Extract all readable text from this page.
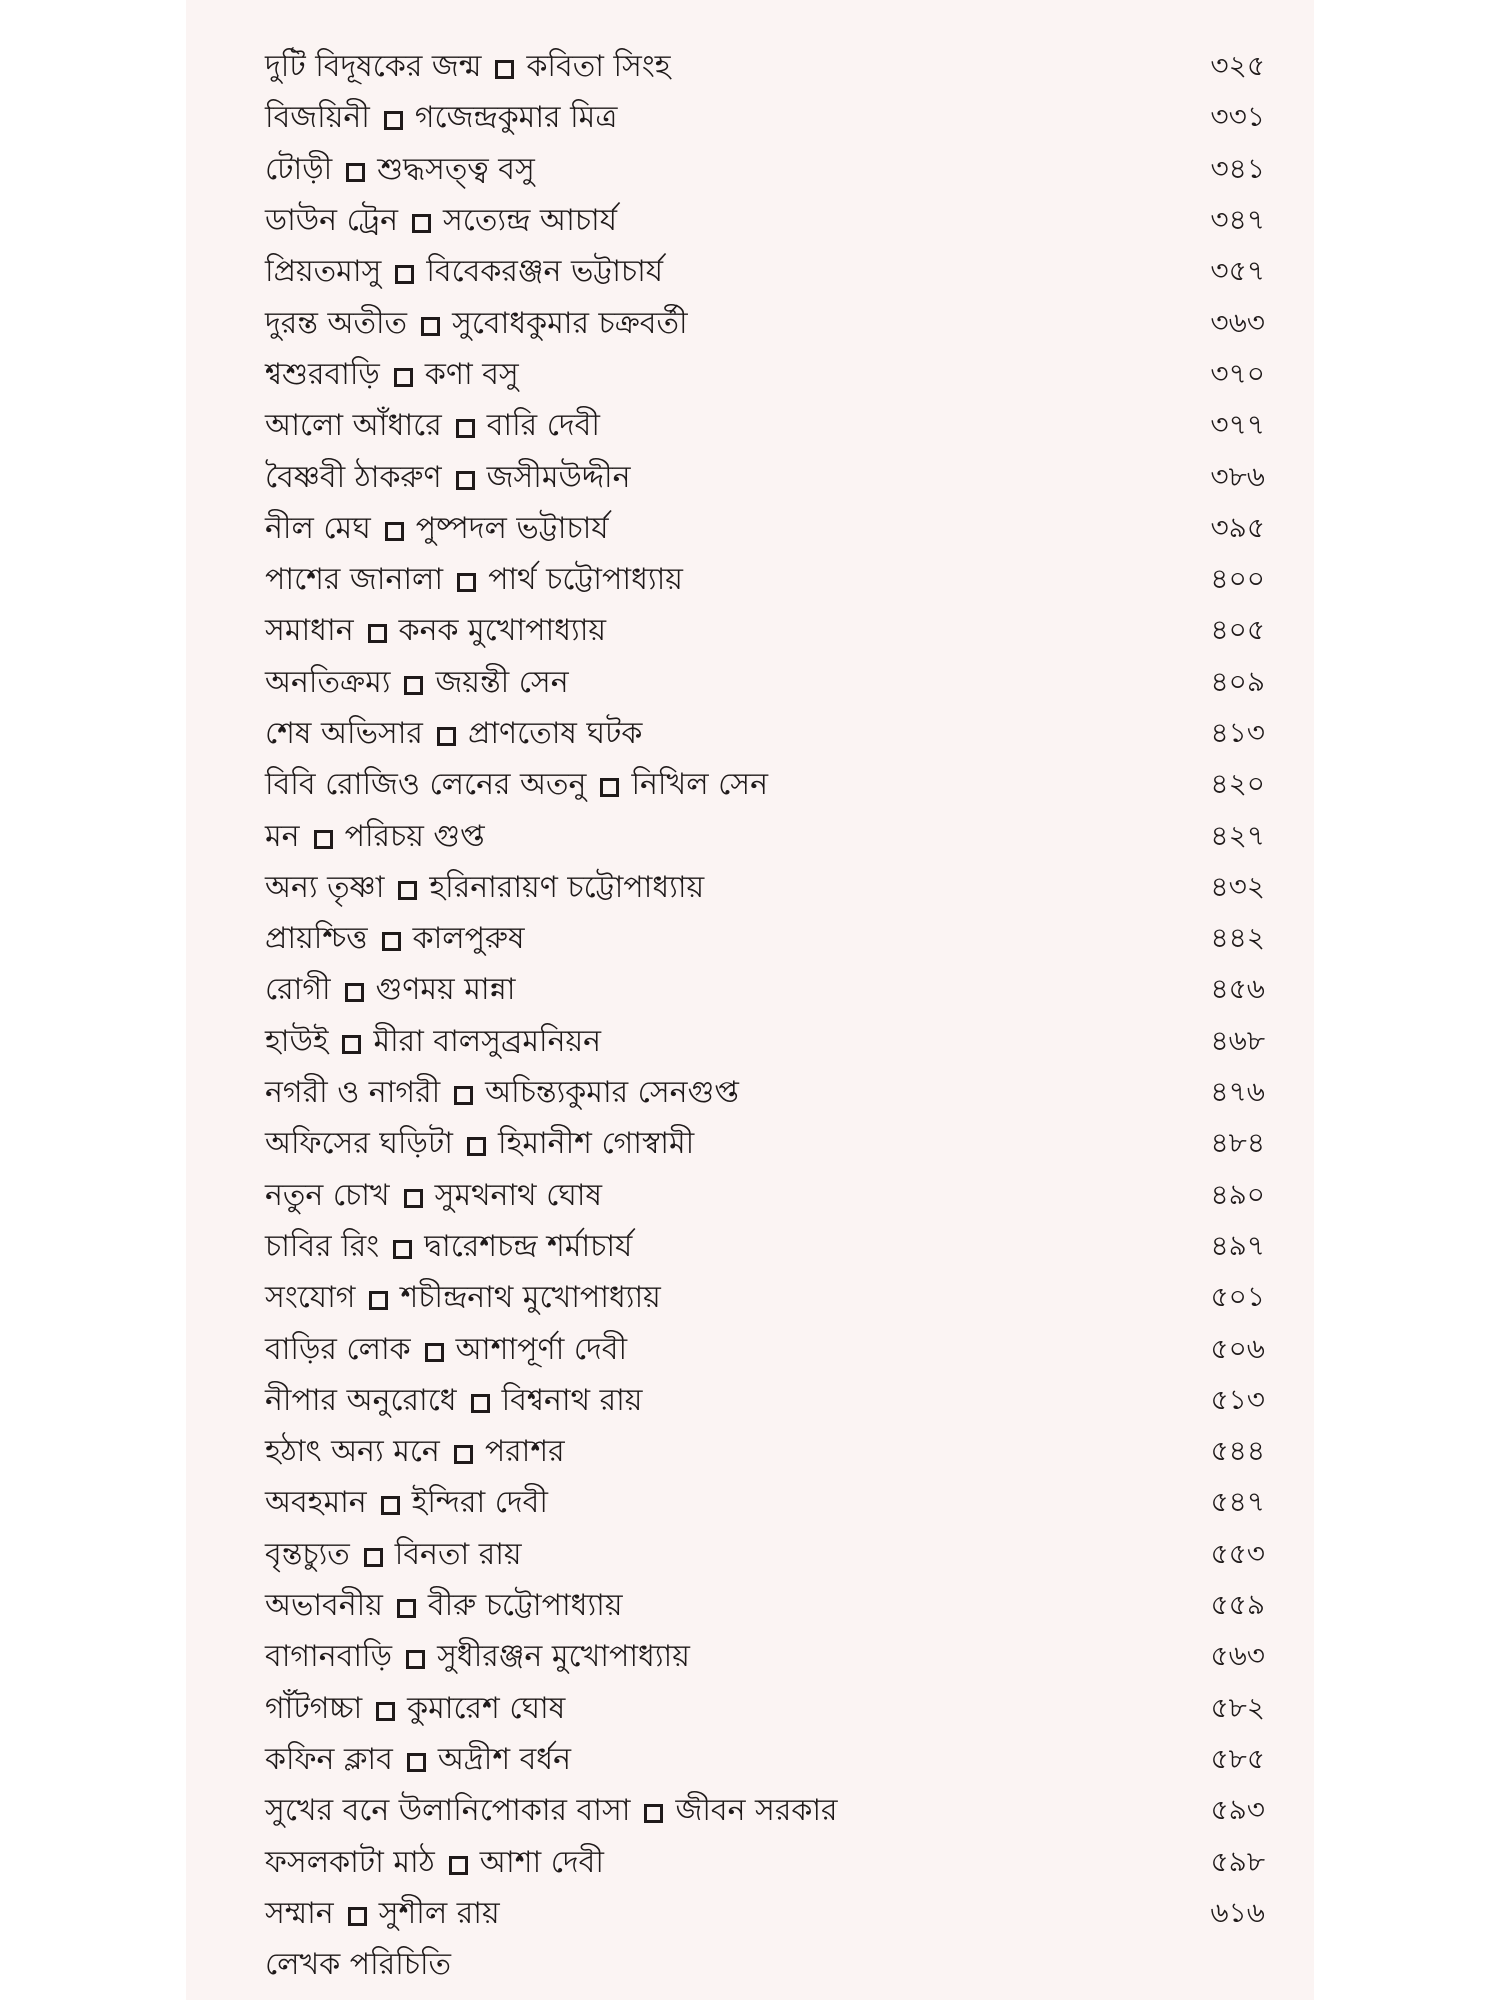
দুটি বিদূষকের জন্ম কবিতা সিংহ	৩২৫
বিজয়িনী গজেন্দ্রকুমার মিত্র	৩৩১
টোড়ী শুদ্ধসত্ত্ব বসু	৩৪১
ডাউন ট্রেন সত্যেন্দ্র আচার্য	৩৪৭
প্রিয়তমাসু বিবেকরঞ্জন ভট্টাচার্য	৩৫৭
দুরন্ত অতীত সুবোধকুমার চক্রবর্তী	৩৬৩
শ্বশুরবাড়ি কণা বসু	৩৭০
আলো আঁধারে বারি দেবী	৩৭৭
বৈষ্ণবী ঠাকরুণ জসীমউদ্দীন	৩৮৬
নীল মেঘ পুষ্পদল ভট্টাচার্য	৩৯৫
পাশের জানালা পার্থ চট্টোপাধ্যায়	৪০০
সমাধান কনক মুখোপাধ্যায়	৪০৫
অনতিক্রম্য জয়ন্তী সেন	৪০৯
শেষ অভিসার প্রাণতোষ ঘটক	৪১৩
বিবি রোজিও লেনের অতনু নিখিল সেন	৪২০
মন পরিচয় গুপ্ত	৪২৭
অন্য তৃষ্ণা হরিনারায়ণ চট্টোপাধ্যায়	৪৩২
প্রায়শ্চিত্ত কালপুরুষ	৪৪২
রোগী গুণময় মান্না	৪৫৬
হাউই মীরা বালসুব্রমনিয়ন	৪৬৮
নগরী ও নাগরী অচিন্ত্যকুমার সেনগুপ্ত	৪৭৬
অফিসের ঘড়িটা হিমানীশ গোস্বামী	৪৮৪
নতুন চোখ সুমথনাথ ঘোষ	৪৯০
চাবির রিং দ্বারেশচন্দ্র শর্মাচার্য	৪৯৭
সংযোগ শচীন্দ্রনাথ মুখোপাধ্যায়	৫০১
বাড়ির লোক আশাপূর্ণা দেবী	৫০৬
নীপার অনুরোধে বিশ্বনাথ রায়	৫১৩
হঠাৎ অন্য মনে পরাশর	৫৪৪
অবহমান ইন্দিরা দেবী	৫৪৭
বৃন্তচ্যুত বিনতা রায়	৫৫৩
অভাবনীয় বীরু চট্টোপাধ্যায়	৫৫৯
বাগানবাড়ি সুধীরঞ্জন মুখোপাধ্যায়	৫৬৩
গাঁটগচ্চা কুমারেশ ঘোষ	৫৮২
কফিন ক্লাব অদ্রীশ বর্ধন	৫৮৫
সুখের বনে উলানিপোকার বাসা জীবন সরকার	৫৯৩
ফসলকাটা মাঠ আশা দেবী	৫৯৮
সম্মান সুশীল রায়	৬১৬
লেখক পরিচিতি
